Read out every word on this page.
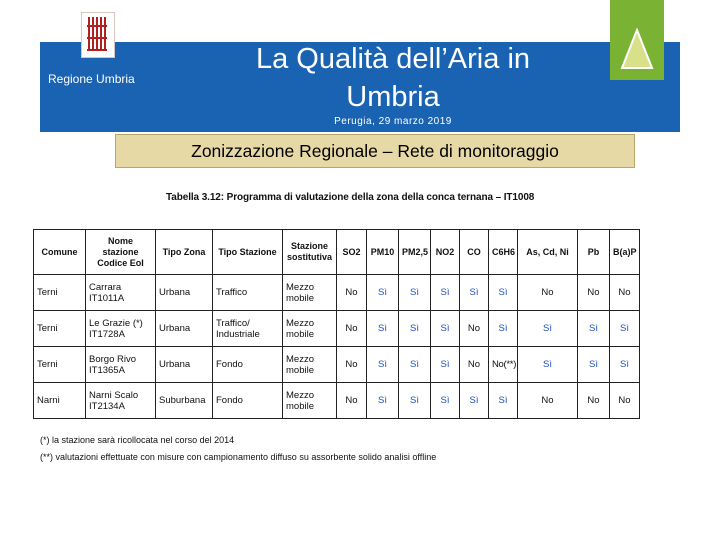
Regione Umbria
La Qualità dell’Aria in
Umbria
Perugia, 29 marzo 2019
Zonizzazione Regionale – Rete di monitoraggio
Tabella 3.12: Programma di valutazione della zona della conca ternana – IT1008
Comune	Nome stazione Codice EoI	Tipo Zona	Tipo Stazione	Stazione sostitutiva	SO2	PM10	PM2,5	NO2	CO	C6H6	As, Cd, Ni	Pb	B(a)P
Terni	Carrara IT1011A	Urbana	Traffico	Mezzo mobile	No	Sì	Sì	Sì	Sì	Sì	No	No	No
Terni	Le Grazie (*) IT1728A	Urbana	Traffico/ Industriale	Mezzo mobile	No	Sì	Sì	Sì	No	Sì	Sì	Sì	Sì
Terni	Borgo Rivo IT1365A	Urbana	Fondo	Mezzo mobile	No	Sì	Sì	Sì	No	No(**)	Sì	Sì	Sì
Narni	Narni Scalo IT2134A	Suburbana	Fondo	Mezzo mobile	No	Sì	Sì	Sì	Sì	Sì	No	No	No
(*) la stazione sarà ricollocata nel corso del 2014
(**) valutazioni effettuate con misure con campionamento diffuso su assorbente solido analisi offline
